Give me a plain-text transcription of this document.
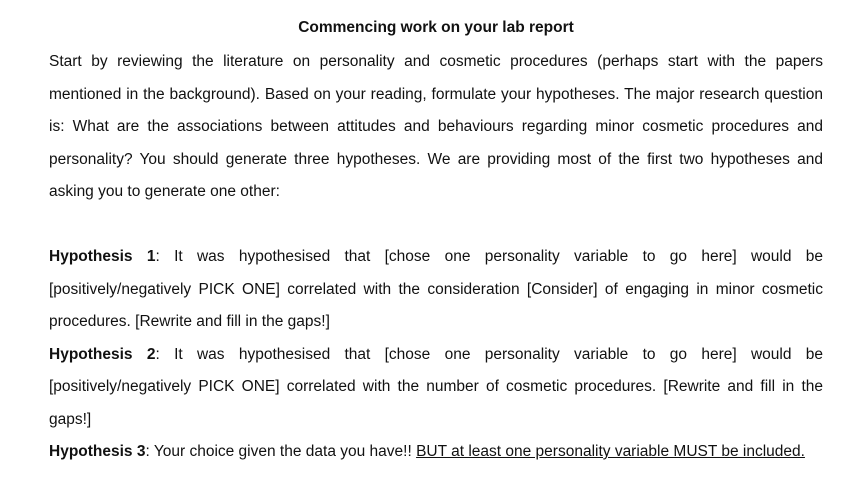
Commencing work on your lab report

Start by reviewing the literature on personality and cosmetic procedures (perhaps start with the papers mentioned in the background). Based on your reading, formulate your hypotheses. The major research question is: What are the associations between attitudes and behaviours regarding minor cosmetic procedures and personality? You should generate three hypotheses. We are providing most of the first two hypotheses and asking you to generate one other:

Hypothesis 1: It was hypothesised that [chose one personality variable to go here] would be [positively/negatively PICK ONE] correlated with the consideration [Consider] of engaging in minor cosmetic procedures. [Rewrite and fill in the gaps!]

Hypothesis 2: It was hypothesised that [chose one personality variable to go here] would be [positively/negatively PICK ONE] correlated with the number of cosmetic procedures. [Rewrite and fill in the gaps!]

Hypothesis 3: Your choice given the data you have!! BUT at least one personality variable MUST be included.
